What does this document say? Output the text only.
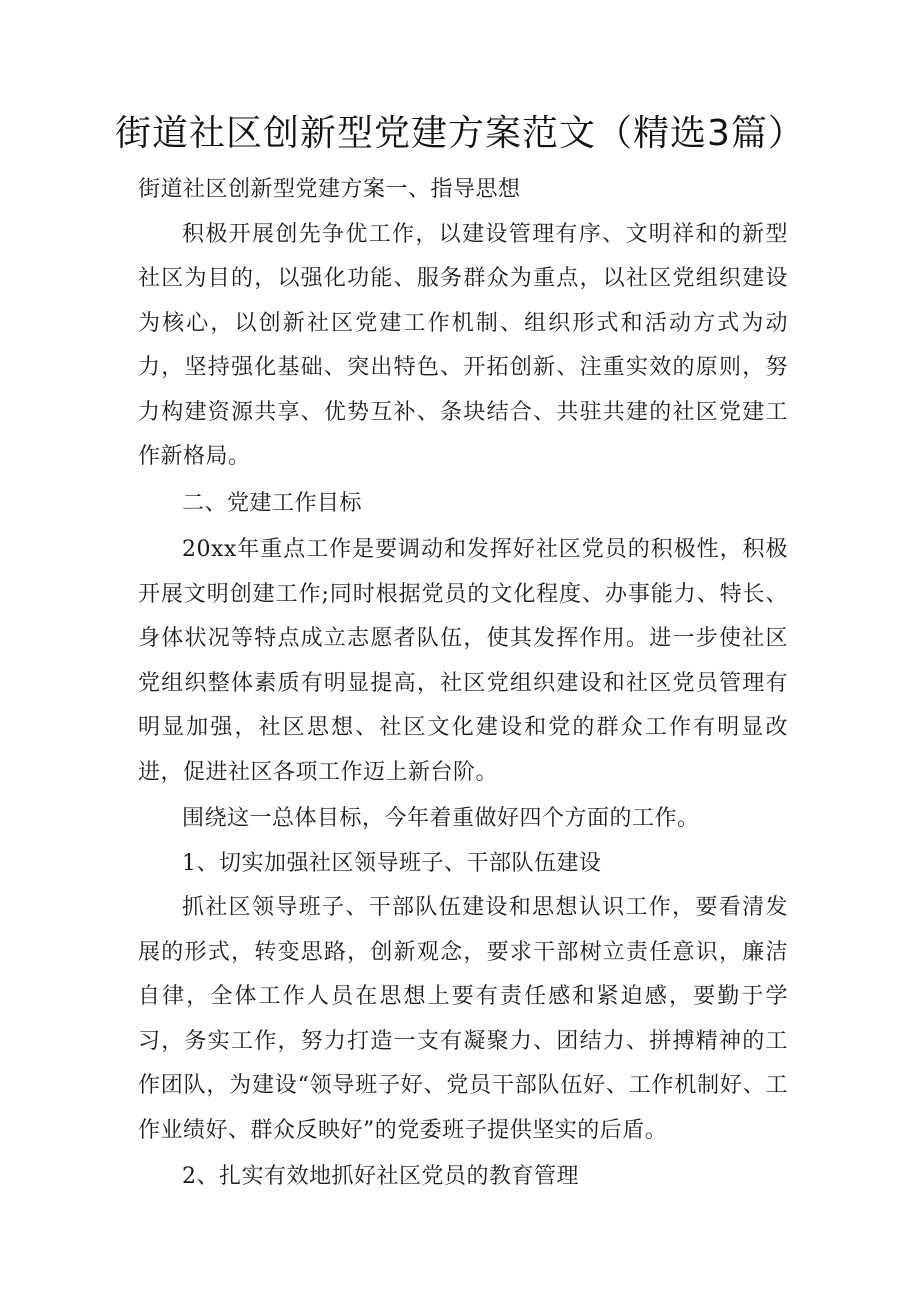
街道社区创新型党建方案范文（精选3篇）

街道社区创新型党建方案一、指导思想

积极开展创先争优工作，以建设管理有序、文明祥和的新型社区为目的，以强化功能、服务群众为重点，以社区党组织建设为核心，以创新社区党建工作机制、组织形式和活动方式为动力，坚持强化基础、突出特色、开拓创新、注重实效的原则，努力构建资源共享、优势互补、条块结合、共驻共建的社区党建工作新格局。

二、党建工作目标

20xx年重点工作是要调动和发挥好社区党员的积极性，积极开展文明创建工作;同时根据党员的文化程度、办事能力、特长、身体状况等特点成立志愿者队伍，使其发挥作用。进一步使社区党组织整体素质有明显提高，社区党组织建设和社区党员管理有明显加强，社区思想、社区文化建设和党的群众工作有明显改进，促进社区各项工作迈上新台阶。

围绕这一总体目标，今年着重做好四个方面的工作。

1、切实加强社区领导班子、干部队伍建设

抓社区领导班子、干部队伍建设和思想认识工作，要看清发展的形式，转变思路，创新观念，要求干部树立责任意识，廉洁自律，全体工作人员在思想上要有责任感和紧迫感，要勤于学习，务实工作，努力打造一支有凝聚力、团结力、拼搏精神的工作团队，为建设“领导班子好、党员干部队伍好、工作机制好、工作业绩好、群众反映好”的党委班子提供坚实的后盾。

2、扎实有效地抓好社区党员的教育管理
